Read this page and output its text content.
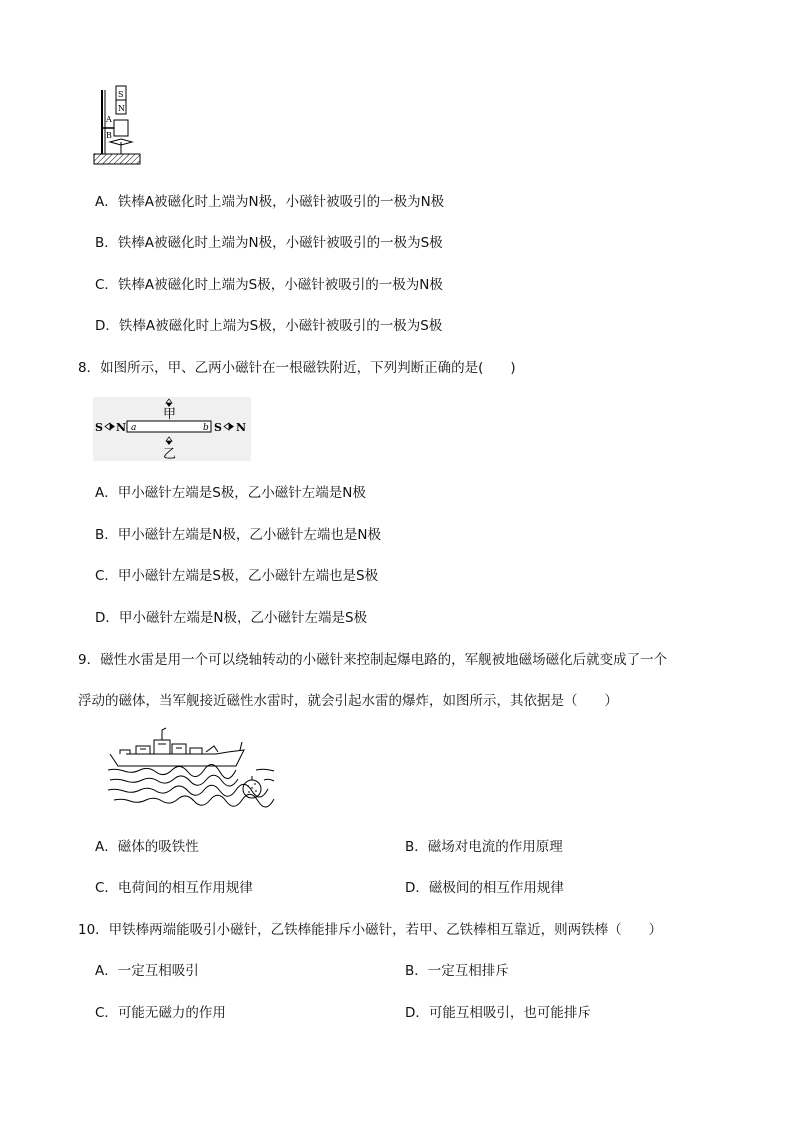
S
N
A
B
A．铁棒A被磁化时上端为N极，小磁针被吸引的一极为N极
B．铁棒A被磁化时上端为N极，小磁针被吸引的一极为S极
C．铁棒A被磁化时上端为S极，小磁针被吸引的一极为N极
D．铁棒A被磁化时上端为S极，小磁针被吸引的一极为S极
8．如图所示，甲、乙两小磁针在一根磁铁附近，下列判断正确的是(　　)
a	b
S N	S N
甲
乙
A．甲小磁针左端是S极，乙小磁针左端是N极
B．甲小磁针左端是N极，乙小磁针左端也是N极
C．甲小磁针左端是S极，乙小磁针左端也是S极
D．甲小磁针左端是N极，乙小磁针左端是S极
9．磁性水雷是用一个可以绕轴转动的小磁针来控制起爆电路的，军舰被地磁场磁化后就变成了一个
浮动的磁体，当军舰接近磁性水雷时，就会引起水雷的爆炸，如图所示，其依据是（　　）
A．磁体的吸铁性	B．磁场对电流的作用原理
C．电荷间的相互作用规律	D．磁极间的相互作用规律
10．甲铁棒两端能吸引小磁针，乙铁棒能排斥小磁针，若甲、乙铁棒相互靠近，则两铁棒（　　）
A．一定互相吸引	B．一定互相排斥
C．可能无磁力的作用	D．可能互相吸引，也可能排斥
